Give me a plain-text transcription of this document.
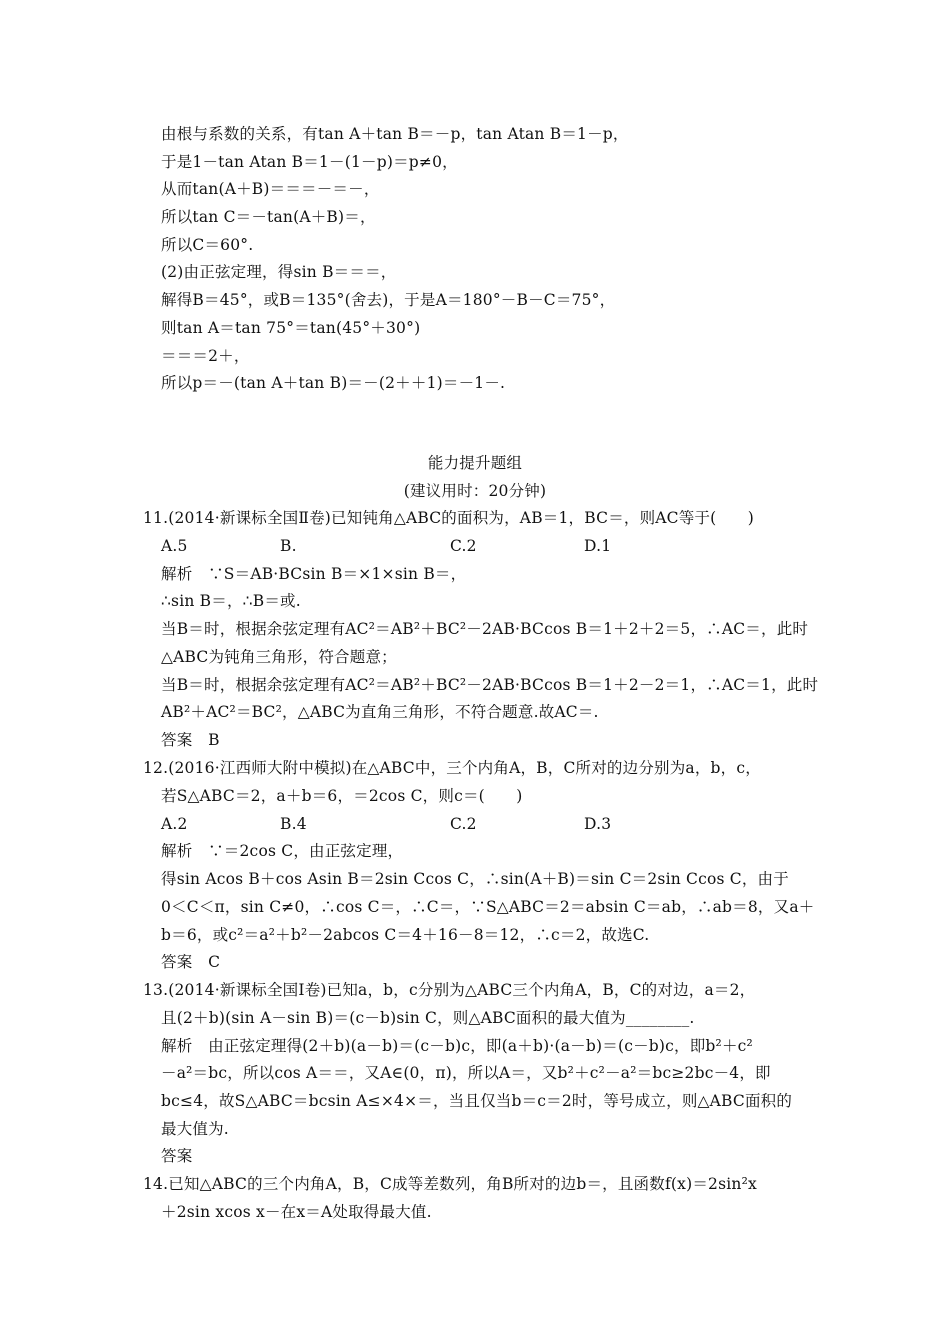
由根与系数的关系，有tan A＋tan B＝－p，tan Atan B＝1－p，
于是1－tan Atan B＝1－(1－p)＝p≠0，
从而tan(A＋B)＝＝＝－＝－，
所以tan C＝－tan(A＋B)＝，
所以C＝60°.
(2)由正弦定理，得sin B＝＝＝，
解得B＝45°，或B＝135°(舍去)，于是A＝180°－B－C＝75°，
则tan A＝tan 75°＝tan(45°＋30°)
＝＝＝2＋，
所以p＝－(tan A＋tan B)＝－(2＋＋1)＝－1－.
能力提升题组
(建议用时：20分钟)
11.(2014·新课标全国Ⅱ卷)已知钝角△ABC的面积为，AB＝1，BC＝，则AC等于(　　)
A.5	B.	C.2	D.1
解析　∵S＝AB·BCsin B＝×1×sin B＝，
∴sin B＝，∴B＝或.
当B＝时，根据余弦定理有AC²＝AB²＋BC²－2AB·BCcos B＝1＋2＋2＝5，∴AC＝，此时
△ABC为钝角三角形，符合题意；
当B＝时，根据余弦定理有AC²＝AB²＋BC²－2AB·BCcos B＝1＋2－2＝1，∴AC＝1，此时
AB²＋AC²＝BC²，△ABC为直角三角形，不符合题意.故AC＝.
答案　B
12.(2016·江西师大附中模拟)在△ABC中，三个内角A，B，C所对的边分别为a，b，c，
若S△ABC＝2，a＋b＝6，＝2cos C，则c＝(　　)
A.2	B.4	C.2	D.3
解析　∵＝2cos C，由正弦定理，
得sin Acos B＋cos Asin B＝2sin Ccos C，∴sin(A＋B)＝sin C＝2sin Ccos C，由于
0＜C＜π，sin C≠0，∴cos C＝，∴C＝，∵S△ABC＝2＝absin C＝ab，∴ab＝8，又a＋
b＝6，或c²＝a²＋b²－2abcos C＝4＋16－8＝12，∴c＝2，故选C.
答案　C
13.(2014·新课标全国Ⅰ卷)已知a，b，c分别为△ABC三个内角A，B，C的对边，a＝2，
且(2＋b)(sin A－sin B)＝(c－b)sin C，则△ABC面积的最大值为________.
解析　由正弦定理得(2＋b)(a－b)＝(c－b)c，即(a＋b)·(a－b)＝(c－b)c，即b²＋c²
－a²＝bc，所以cos A＝＝，又A∈(0，π)，所以A＝，又b²＋c²－a²＝bc≥2bc－4，即
bc≤4，故S△ABC＝bcsin A≤×4×＝，当且仅当b＝c＝2时，等号成立，则△ABC面积的
最大值为.
答案
14.已知△ABC的三个内角A，B，C成等差数列，角B所对的边b＝，且函数f(x)＝2sin²x
＋2sin xcos x－在x＝A处取得最大值.
